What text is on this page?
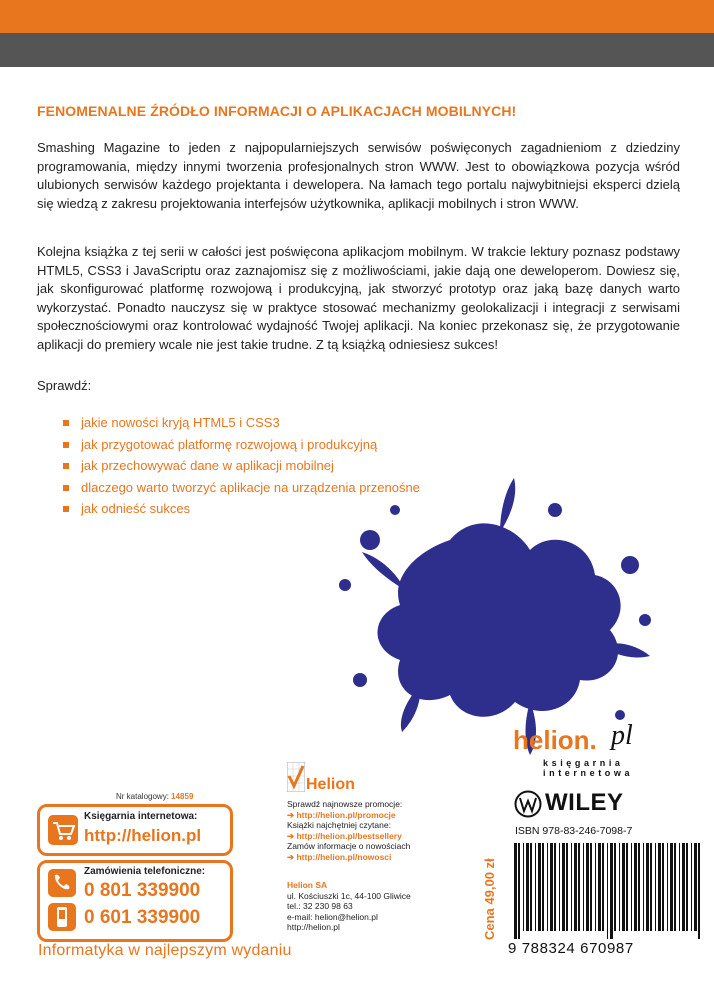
FENOMENALNE ŹRÓDŁO INFORMACJI O APLIKACJACH MOBILNYCH!

Smashing Magazine to jeden z najpopularniejszych serwisów poświęconych zagadnieniom z dziedziny programowania, między innymi tworzenia profesjonalnych stron WWW. Jest to obowiązkowa pozycja wśród ulubionych serwisów każdego projektanta i dewelopera. Na łamach tego portalu najwybitniejsi eksperci dzielą się wiedzą z zakresu projektowania interfejsów użytkownika, aplikacji mobilnych i stron WWW.

Kolejna książka z tej serii w całości jest poświęcona aplikacjom mobilnym. W trakcie lektury poznasz podstawy HTML5, CSS3 i JavaScriptu oraz zaznajomisz się z możliwościami, jakie dają one deweloperom. Dowiesz się, jak skonfigurować platformę rozwojową i produkcyjną, jak stworzyć prototyp oraz jaką bazę danych warto wykorzystać. Ponadto nauczysz się w praktyce stosować mechanizmy geolokalizacji i integracji z serwisami społecznościowymi oraz kontrolować wydajność Twojej aplikacji. Na koniec przekonasz się, że przygotowanie aplikacji do premiery wcale nie jest takie trudne. Z tą książką odniesiesz sukces!

Sprawdź:
jakie nowości kryją HTML5 i CSS3
jak przygotować platformę rozwojową i produkcyjną
jak przechowywać dane w aplikacji mobilnej
dlaczego warto tworzyć aplikacje na urządzenia przenośne
jak odnieść sukces
Nr katalogowy: 14859
Księgarnia internetowa:
http://helion.pl
Zamówienia telefoniczne:
0 801 339900
0 601 339900
Informatyka w najlepszym wydaniu
Helion
Sprawdź najnowsze promocje:
➔ http://helion.pl/promocje
Książki najchętniej czytane:
➔ http://helion.pl/bestsellery
Zamów informacje o nowościach
➔ http://helion.pl/nowosci
Helion SA
ul. Kościuszki 1c, 44-100 Gliwice
tel.: 32 230 98 63
e-mail: helion@helion.pl
http://helion.pl
helion. pl
księgarnia
internetowa
WILEY
ISBN 978-83-246-7098-7
Cena 49,00 zł
9 788324 670987
